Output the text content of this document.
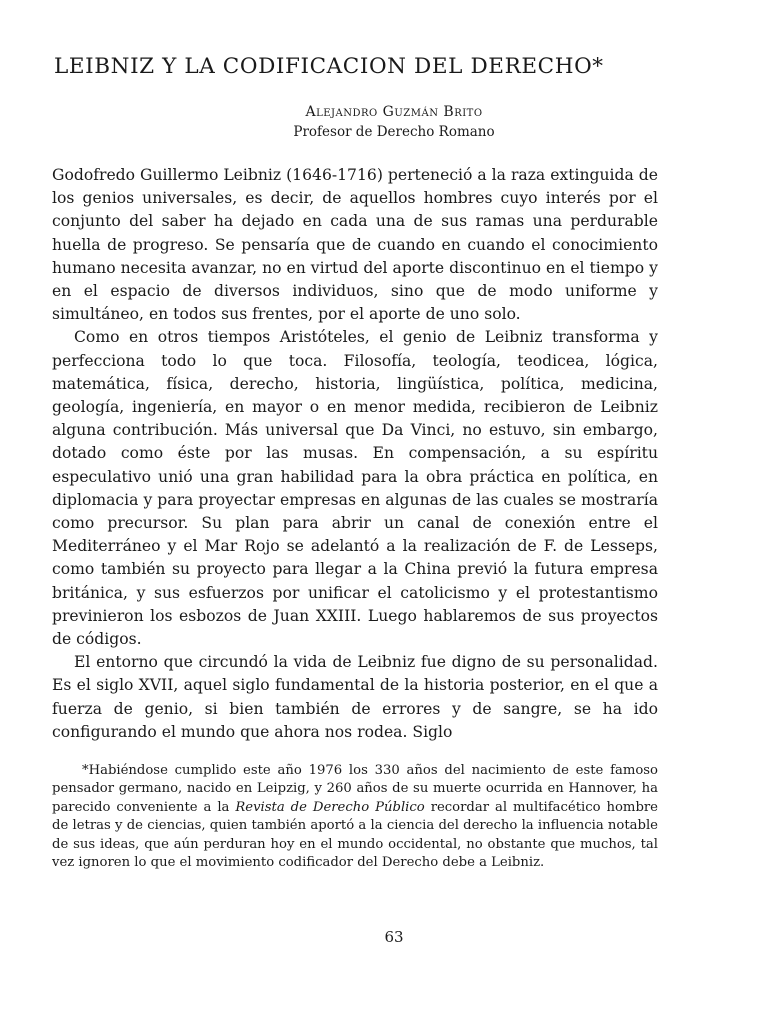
LEIBNIZ Y LA CODIFICACION DEL DERECHO*
Alejandro Guzmán Brito
Profesor de Derecho Romano

Godofredo Guillermo Leibniz (1646-1716) perteneció a la raza extinguida de los genios universales, es decir, de aquellos hombres cuyo interés por el conjunto del saber ha dejado en cada una de sus ramas una perdurable huella de progreso. Se pensaría que de cuando en cuando el conocimiento humano necesita avanzar, no en virtud del aporte discontinuo en el tiempo y en el espacio de diversos individuos, sino que de modo uniforme y simultáneo, en todos sus frentes, por el aporte de uno solo.

Como en otros tiempos Aristóteles, el genio de Leibniz transforma y perfecciona todo lo que toca. Filosofía, teología, teodicea, lógica, matemática, física, derecho, historia, lingüística, política, medicina, geología, ingeniería, en mayor o en menor medida, recibieron de Leibniz alguna contribución. Más universal que Da Vinci, no estuvo, sin embargo, dotado como éste por las musas. En compensación, a su espíritu especulativo unió una gran habilidad para la obra práctica en política, en diplomacia y para proyectar empresas en algunas de las cuales se mostraría como precursor. Su plan para abrir un canal de conexión entre el Mediterráneo y el Mar Rojo se adelantó a la realización de F. de Lesseps, como también su proyecto para llegar a la China previó la futura empresa británica, y sus esfuerzos por unificar el catolicismo y el protestantismo previnieron los esbozos de Juan XXIII. Luego hablaremos de sus proyectos de códigos.

El entorno que circundó la vida de Leibniz fue digno de su personalidad. Es el siglo XVII, aquel siglo fundamental de la historia posterior, en el que a fuerza de genio, si bien también de errores y de sangre, se ha ido configurando el mundo que ahora nos rodea. Siglo

*Habiéndose cumplido este año 1976 los 330 años del nacimiento de este famoso pensador germano, nacido en Leipzig, y 260 años de su muerte ocurrida en Hannover, ha parecido conveniente a la Revista de Derecho Público recordar al multifacético hombre de letras y de ciencias, quien también aportó a la ciencia del derecho la influencia notable de sus ideas, que aún perduran hoy en el mundo occidental, no obstante que muchos, tal vez ignoren lo que el movimiento codificador del Derecho debe a Leibniz.

63
